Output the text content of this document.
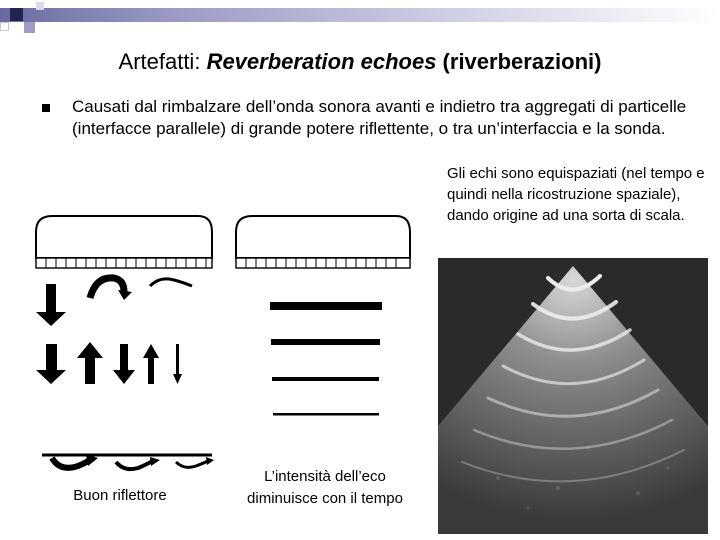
Artefatti: Reverberation echoes (riverberazioni)
Causati dal rimbalzare dell’onda sonora avanti e indietro tra aggregati di particelle (interfacce parallele) di grande potere riflettente, o tra un’interfaccia e la sonda.
Gli echi sono equispaziati (nel tempo e quindi nella ricostruzione spaziale), dando origine ad una sorta di scala.
Buon riflettore
L’intensità dell’eco diminuisce con il tempo
